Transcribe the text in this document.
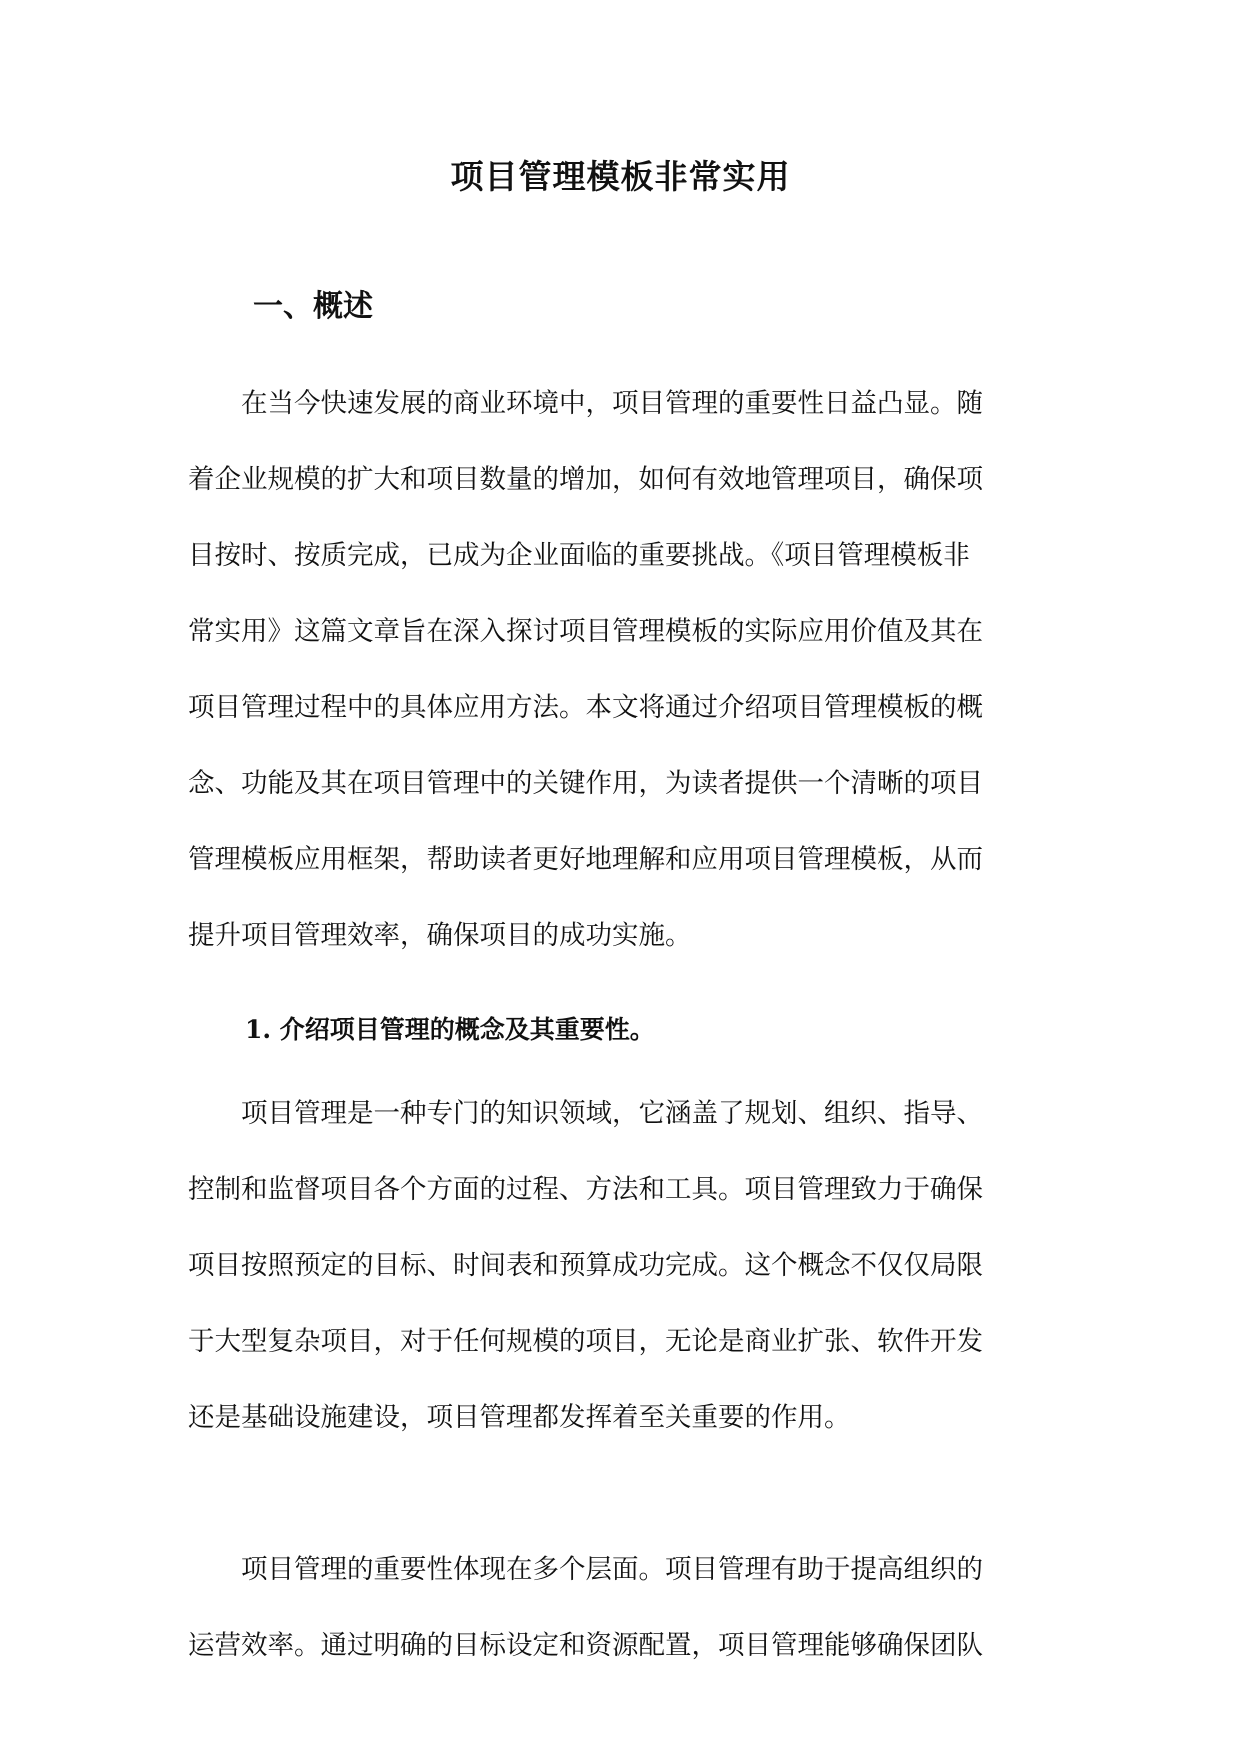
项目管理模板非常实用
一、概述

在当今快速发展的商业环境中，项目管理的重要性日益凸显。随
着企业规模的扩大和项目数量的增加，如何有效地管理项目，确保项
目按时、按质完成，已成为企业面临的重要挑战。《项目管理模板非
常实用》这篇文章旨在深入探讨项目管理模板的实际应用价值及其在
项目管理过程中的具体应用方法。本文将通过介绍项目管理模板的概
念、功能及其在项目管理中的关键作用，为读者提供一个清晰的项目
管理模板应用框架，帮助读者更好地理解和应用项目管理模板，从而
提升项目管理效率，确保项目的成功实施。

1. 介绍项目管理的概念及其重要性。

项目管理是一种专门的知识领域，它涵盖了规划、组织、指导、
控制和监督项目各个方面的过程、方法和工具。项目管理致力于确保
项目按照预定的目标、时间表和预算成功完成。这个概念不仅仅局限
于大型复杂项目，对于任何规模的项目，无论是商业扩张、软件开发
还是基础设施建设，项目管理都发挥着至关重要的作用。

项目管理的重要性体现在多个层面。项目管理有助于提高组织的
运营效率。通过明确的目标设定和资源配置，项目管理能够确保团队
